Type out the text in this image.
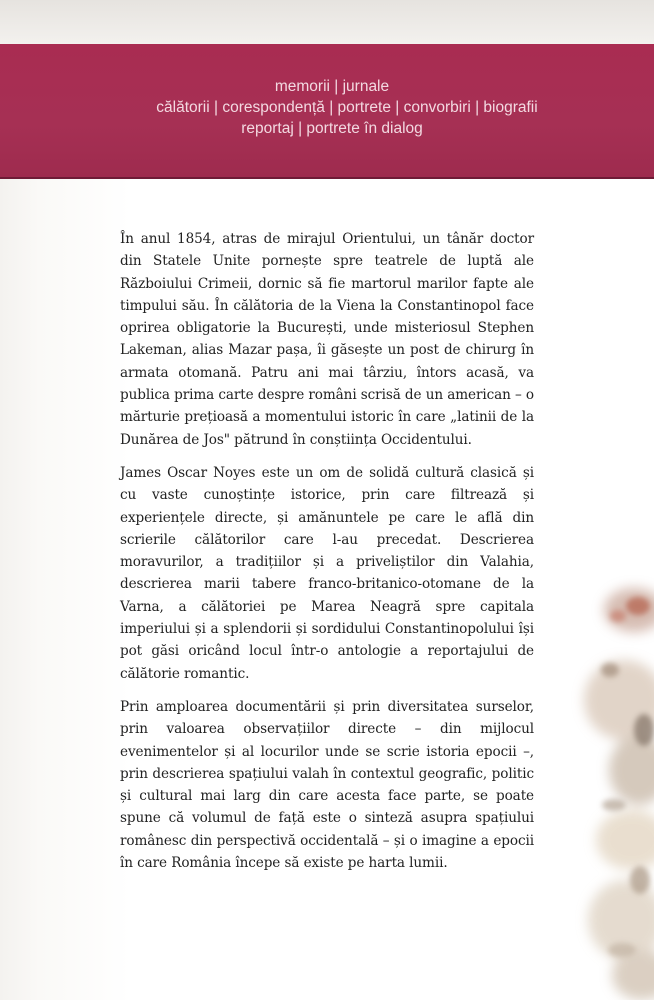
memorii | jurnale
călătorii | corespondență | portrete | convorbiri | biografii
reportaj | portrete în dialog

În anul 1854, atras de mirajul Orientului, un tânăr doctor din Statele Unite pornește spre teatrele de luptă ale Războiului Crimeii, dornic să fie martorul marilor fapte ale timpului său. În călătoria de la Viena la Constantinopol face oprirea obligatorie la București, unde misteriosul Stephen Lakeman, alias Mazar pașa, îi găsește un post de chirurg în armata otomană. Patru ani mai târziu, întors acasă, va publica prima carte despre români scrisă de un american – o mărturie prețioasă a momentului istoric în care „latinii de la Dunărea de Jos" pătrund în conștiința Occidentului.

James Oscar Noyes este un om de solidă cultură clasică și cu vaste cunoștințe istorice, prin care filtrează și experiențele directe, și amănuntele pe care le află din scrierile călătorilor care l-au precedat. Descrierea moravurilor, a tradițiilor și a priveliștilor din Valahia, descrierea marii tabere franco-britanico-otomane de la Varna, a călătoriei pe Marea Neagră spre capitala imperiului și a splendorii și sordidului Constantinopolului își pot găsi oricând locul într-o antologie a reportajului de călătorie romantic.

Prin amploarea documentării și prin diversitatea surselor, prin valoarea observațiilor directe – din mijlocul evenimentelor și al locurilor unde se scrie istoria epocii –, prin descrierea spațiului valah în contextul geografic, politic și cultural mai larg din care acesta face parte, se poate spune că volumul de față este o sinteză asupra spațiului românesc din perspectivă occidentală – și o imagine a epocii în care România începe să existe pe harta lumii.
